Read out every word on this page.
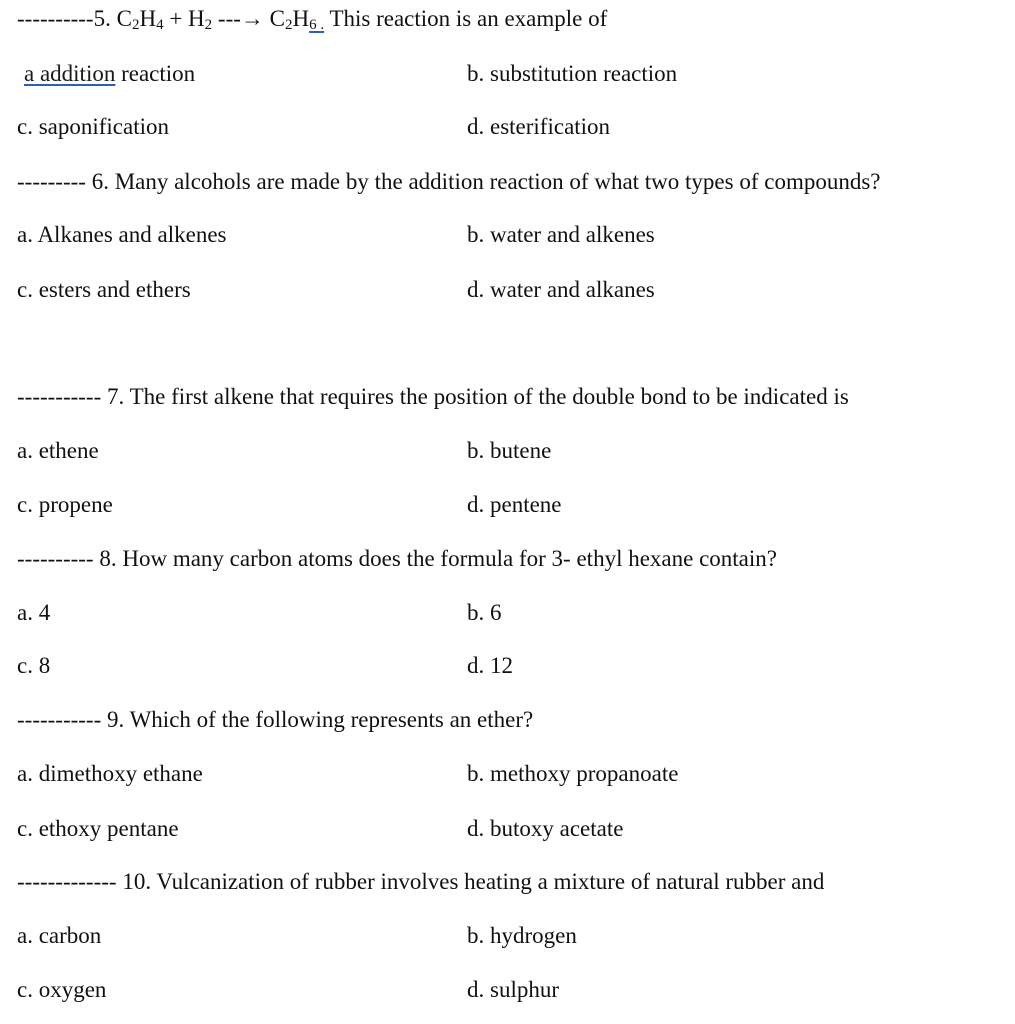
----------5. $C_2H_4 + H_2$ ---→ $C_2H_{6 .}$ This reaction is an example of
a addition reaction	b. substitution reaction
c. saponification	d. esterification
--------- 6. Many alcohols are made by the addition reaction of what two types of compounds?
a. Alkanes and alkenes	b. water and alkenes
c. esters and ethers	d. water and alkanes
----------- 7. The first alkene that requires the position of the double bond to be indicated is
a. ethene	b. butene
c. propene	d. pentene
---------- 8. How many carbon atoms does the formula for 3- ethyl hexane contain?
a. 4	b. 6
c. 8	d. 12
----------- 9. Which of the following represents an ether?
a. dimethoxy ethane	b. methoxy propanoate
c. ethoxy pentane	d. butoxy acetate
------------- 10. Vulcanization of rubber involves heating a mixture of natural rubber and
a. carbon	b. hydrogen
c. oxygen	d. sulphur
